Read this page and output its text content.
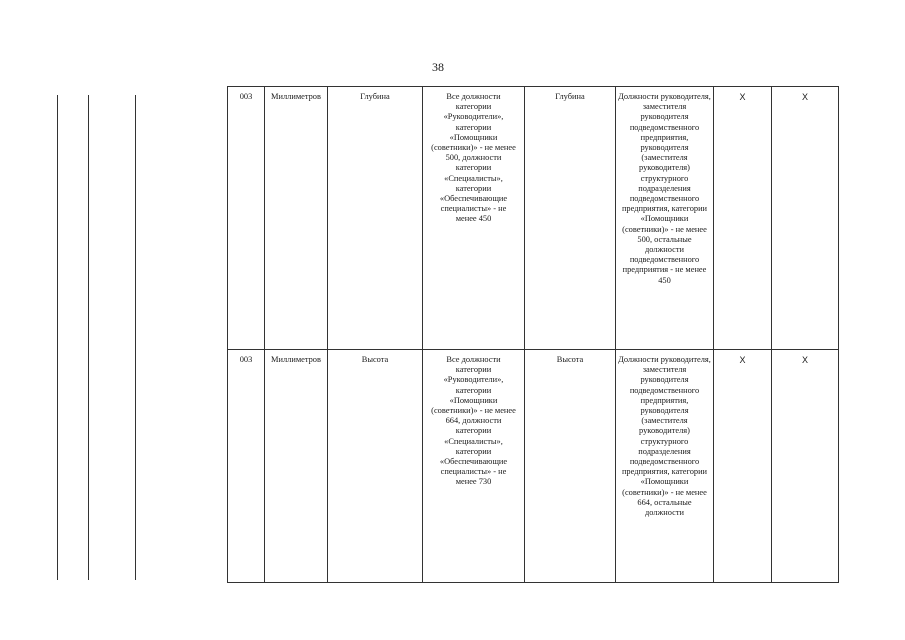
38
003	Миллиметров	Глубина	Все должности категории «Руководители», категории «Помощники (советники)» - не менее 500, должности категории «Специалисты», категории «Обеспечивающие специалисты» - не менее 450	Глубина	Должности руководителя, заместителя руководителя подведомственного предприятия, руководителя (заместителя руководителя) структурного подразделения подведомственного предприятия, категории «Помощники (советники)» - не менее 500, остальные должности подведомственного предприятия - не менее 450	X	X
003	Миллиметров	Высота	Все должности категории «Руководители», категории «Помощники (советники)» - не менее 664, должности категории «Специалисты», категории «Обеспечивающие специалисты» - не менее 730	Высота	Должности руководителя, заместителя руководителя подведомственного предприятия, руководителя (заместителя руководителя) структурного подразделения подведомственного предприятия, категории «Помощники (советники)» - не менее 664, остальные должности	X	X
